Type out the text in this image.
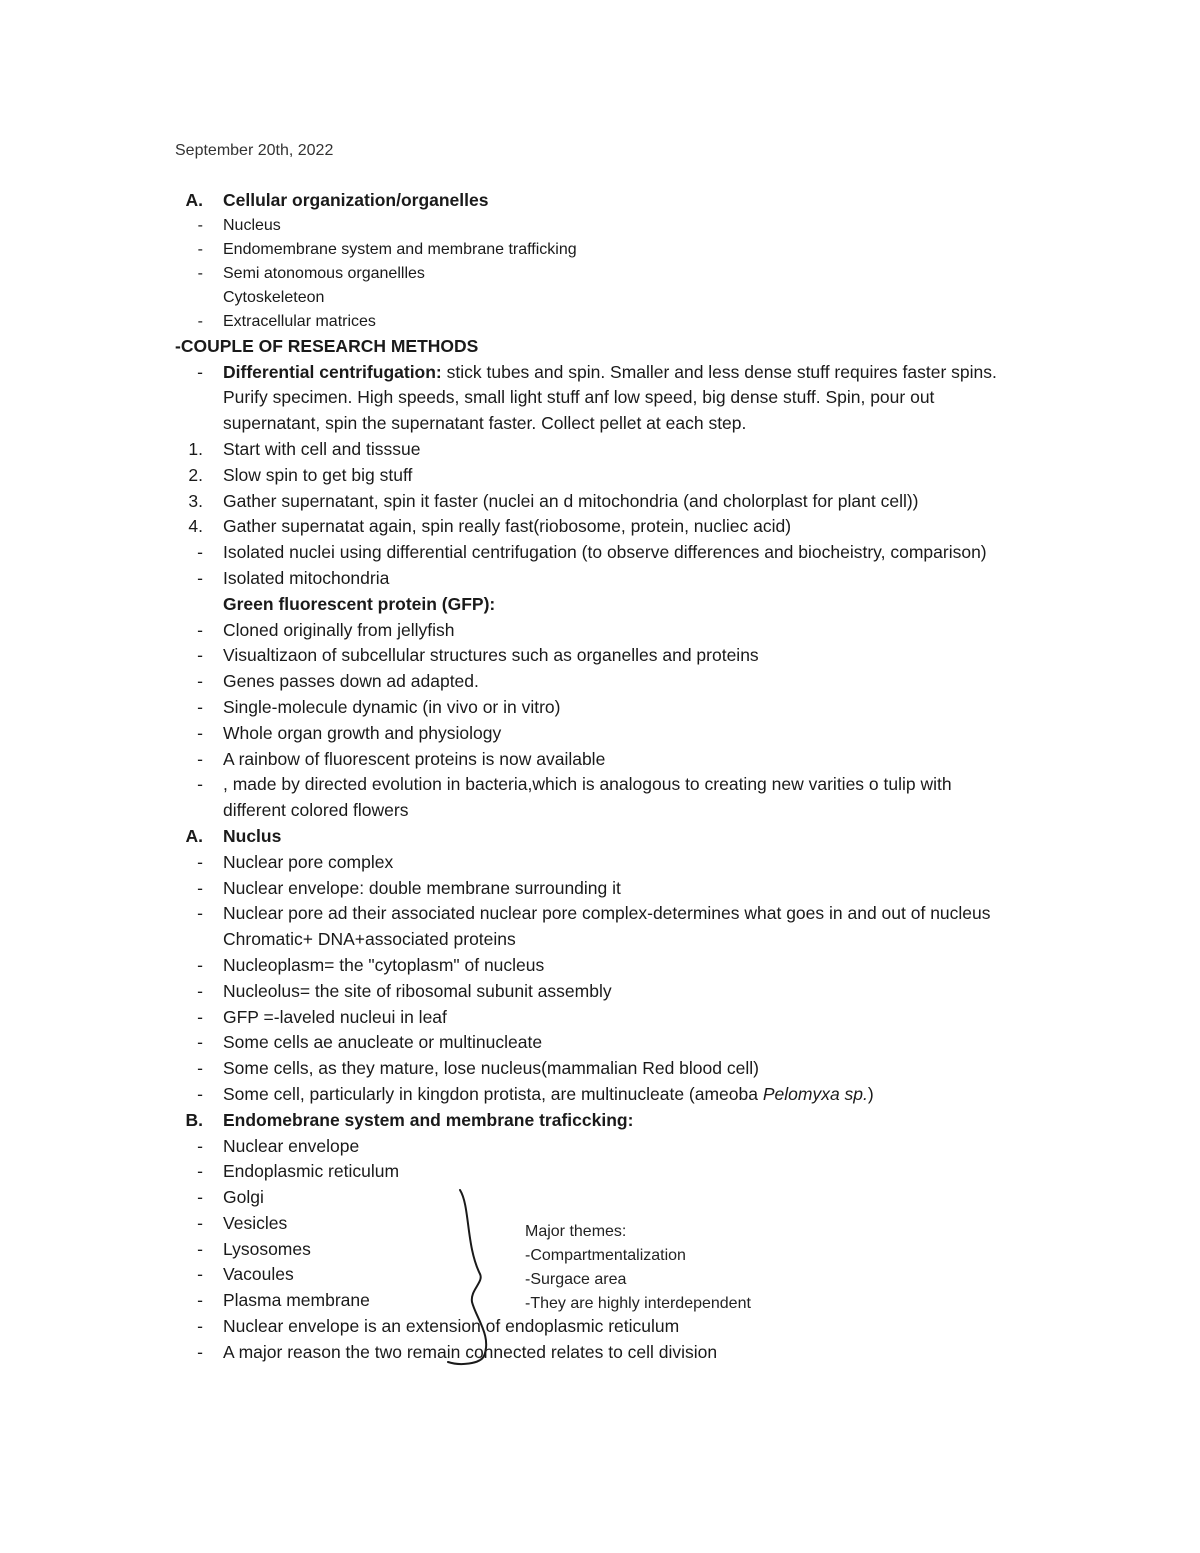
September 20th, 2022
A.	Cellular organization/organelles
-	Nucleus
-	Endomembrane system and membrane trafficking
-	Semi atonomous organellles
Cytoskeleteon
-	Extracellular matrices
-COUPLE OF RESEARCH METHODS
-	Differential centrifugation: stick tubes and spin. Smaller and less dense stuff requires faster spins. Purify specimen. High speeds, small light stuff anf low speed, big dense stuff. Spin, pour out supernatant, spin the supernatant faster. Collect pellet at each step.
1.	Start with cell and tisssue
2.	Slow spin to get big stuff
3.	Gather supernatant, spin it faster (nuclei an d mitochondria (and cholorplast for plant cell))
4.	Gather supernatat again, spin really fast(riobosome, protein, nucliec acid)
-	Isolated nuclei using differential centrifugation (to observe differences and biocheistry, comparison)
-	Isolated mitochondria
Green fluorescent protein (GFP):
-	Cloned originally from jellyfish
-	Visualtizaon of subcellular structures such as organelles and proteins
-	Genes passes down ad adapted.
-	Single-molecule dynamic (in vivo or in vitro)
-	Whole organ growth and physiology
-	A rainbow of fluorescent proteins is now available
-	, made by directed evolution in bacteria,which is analogous to creating new varities o tulip with different colored flowers
A.	Nuclus
-	Nuclear pore complex
-	Nuclear envelope: double membrane surrounding it
-	Nuclear pore ad their associated nuclear pore complex-determines what goes in and out of nucleus Chromatic+ DNA+associated proteins
-	Nucleoplasm= the "cytoplasm" of nucleus
-	Nucleolus= the site of ribosomal subunit assembly
-	GFP =-laveled nucleui in leaf
-	Some cells ae anucleate or multinucleate
-	Some cells, as they mature, lose nucleus(mammalian Red blood cell)
-	Some cell, particularly in kingdon protista, are multinucleate (ameoba Pelomyxa sp.)
B.	Endomebrane system and membrane traficcking:
-	Nuclear envelope
-	Endoplasmic reticulum
-	Golgi
-	Vesicles
-	Lysosomes
-	Vacoules
-	Plasma membrane
-	Nuclear envelope is an extension of endoplasmic reticulum
-	A major reason the two remain connected relates to cell division
Major themes:
-Compartmentalization
-Surgace area
-They are highly interdependent
